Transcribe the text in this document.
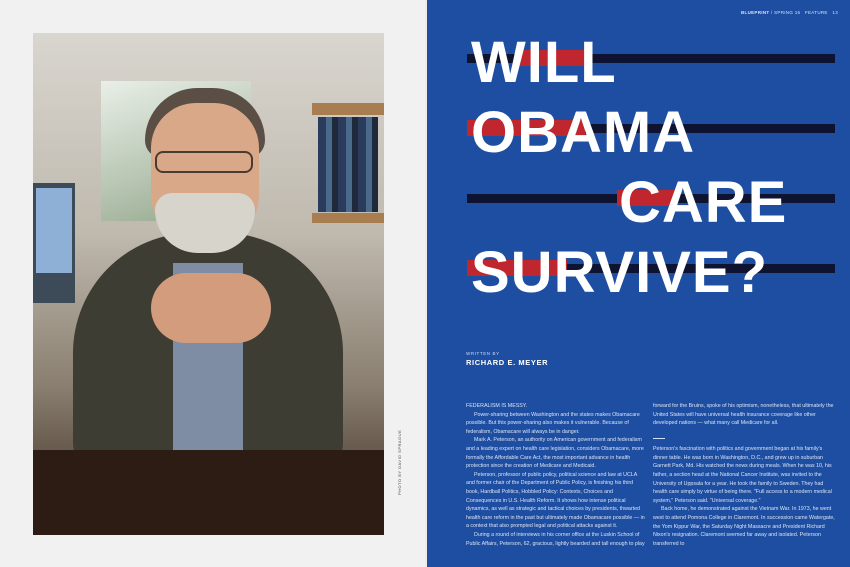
PHOTO BY DAVID SPRAGUE
BLUEPRINT / SPRING 15 FEATURE 13
WILL
OBAMA
CARE
SURVIVE?
WRITTEN BY
RICHARD E. MEYER

FEDERALISM IS MESSY.

Power-sharing between Washington and the states makes Obamacare possible. But this power-sharing also makes it vulnerable. Because of federalism, Obamacare will always be in danger.

Mark A. Peterson, an authority on American government and federalism and a leading expert on health care legislation, considers Obamacare, more formally the Affordable Care Act, the most important advance in health protection since the creation of Medicare and Medicaid.

Peterson, professor of public policy, political science and law at UCLA and former chair of the Department of Public Policy, is finishing his third book, Hardball Politics, Hobbled Policy: Contexts, Choices and Consequences in U.S. Health Reform. It shows how intense political dynamics, as well as strategic and tactical choices by presidents, thwarted health care reform in the past but ultimately made Obamacare possible — in a context that also prompted legal and political attacks against it.

During a round of interviews in his corner office at the Luskin School of Public Affairs, Peterson, 62, gracious, lightly bearded and tall enough to play

forward for the Bruins, spoke of his optimism, nonetheless, that ultimately the United States will have universal health insurance coverage like other developed nations — what many call Medicare for all.

Peterson's fascination with politics and government began at his family's dinner table. He was born in Washington, D.C., and grew up in suburban Garnett Park, Md. His watched the news during meals. When he was 10, his father, a section head at the National Cancer Institute, was invited to the University of Uppsala for a year. He took the family to Sweden. They had health care simply by virtue of being there. "Full access to a modern medical system," Peterson said. "Universal coverage."

Back home, he demonstrated against the Vietnam War. In 1973, he went west to attend Pomona College in Claremont. In succession came Watergate, the Yom Kippur War, the Saturday Night Massacre and President Richard Nixon's resignation. Claremont seemed far away and isolated. Peterson transferred to
